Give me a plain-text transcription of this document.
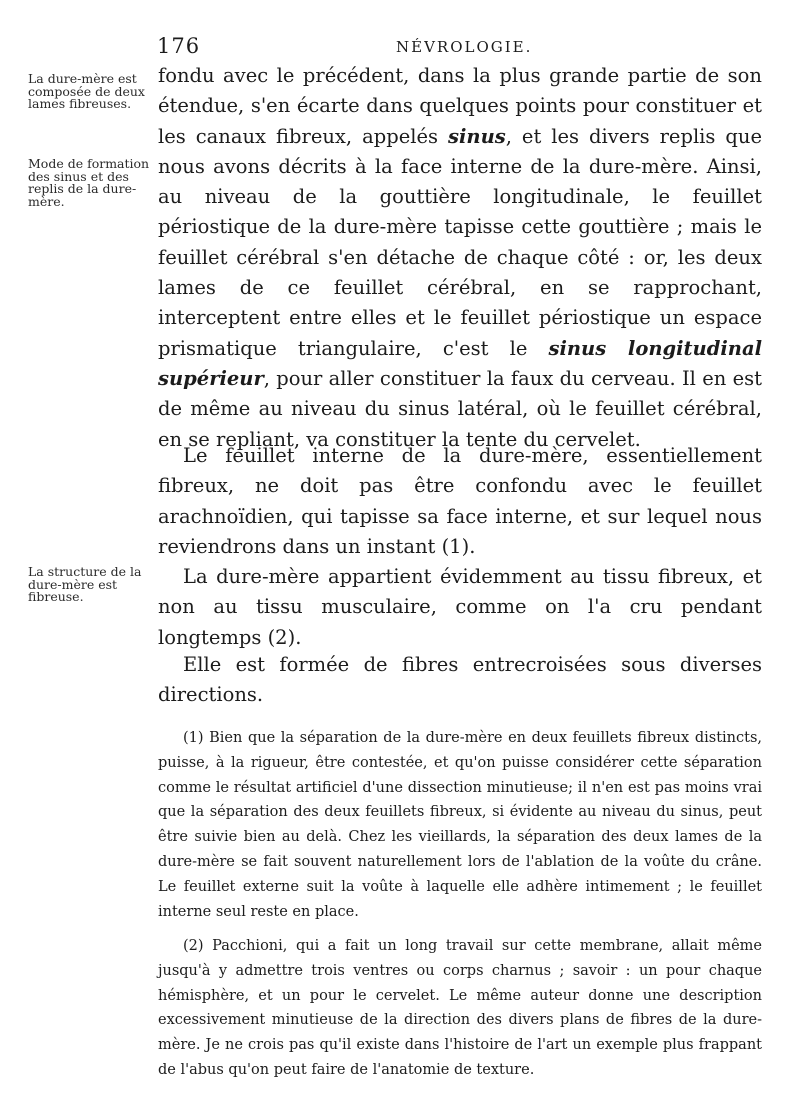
176	NÉVROLOGIE.
La dure-mère est composée de deux lames fibreuses.
Mode de formation des sinus et des replis de la dure-mère.
La structure de la dure-mère est fibreuse.
fondu avec le précédent, dans la plus grande partie de son étendue, s'en écarte dans quelques points pour constituer et les canaux fibreux, appelés sinus, et les divers replis que nous avons décrits à la face interne de la dure-mère. Ainsi, au niveau de la gouttière longitudinale, le feuillet périostique de la dure-mère tapisse cette gouttière ; mais le feuillet cérébral s'en détache de chaque côté : or, les deux lames de ce feuillet cérébral, en se rapprochant, interceptent entre elles et le feuillet périostique un espace prismatique triangulaire, c'est le sinus longitudinal supérieur, pour aller constituer la faux du cerveau. Il en est de même au niveau du sinus latéral, où le feuillet cérébral, en se repliant, va constituer la tente du cervelet.
Le feuillet interne de la dure-mère, essentiellement fibreux, ne doit pas être confondu avec le feuillet arachnoïdien, qui tapisse sa face interne, et sur lequel nous reviendrons dans un instant (1).
La dure-mère appartient évidemment au tissu fibreux, et non au tissu musculaire, comme on l'a cru pendant longtemps (2).
Elle est formée de fibres entrecroisées sous diverses directions.
(1) Bien que la séparation de la dure-mère en deux feuillets fibreux distincts, puisse, à la rigueur, être contestée, et qu'on puisse considérer cette séparation comme le résultat artificiel d'une dissection minutieuse; il n'en est pas moins vrai que la séparation des deux feuillets fibreux, si évidente au niveau du sinus, peut être suivie bien au delà. Chez les vieillards, la séparation des deux lames de la dure-mère se fait souvent naturellement lors de l'ablation de la voûte du crâne. Le feuillet externe suit la voûte à laquelle elle adhère intimement ; le feuillet interne seul reste en place.
(2) Pacchioni, qui a fait un long travail sur cette membrane, allait même jusqu'à y admettre trois ventres ou corps charnus ; savoir : un pour chaque hémisphère, et un pour le cervelet. Le même auteur donne une description excessivement minutieuse de la direction des divers plans de fibres de la dure-mère. Je ne crois pas qu'il existe dans l'histoire de l'art un exemple plus frappant de l'abus qu'on peut faire de l'anatomie de texture.
